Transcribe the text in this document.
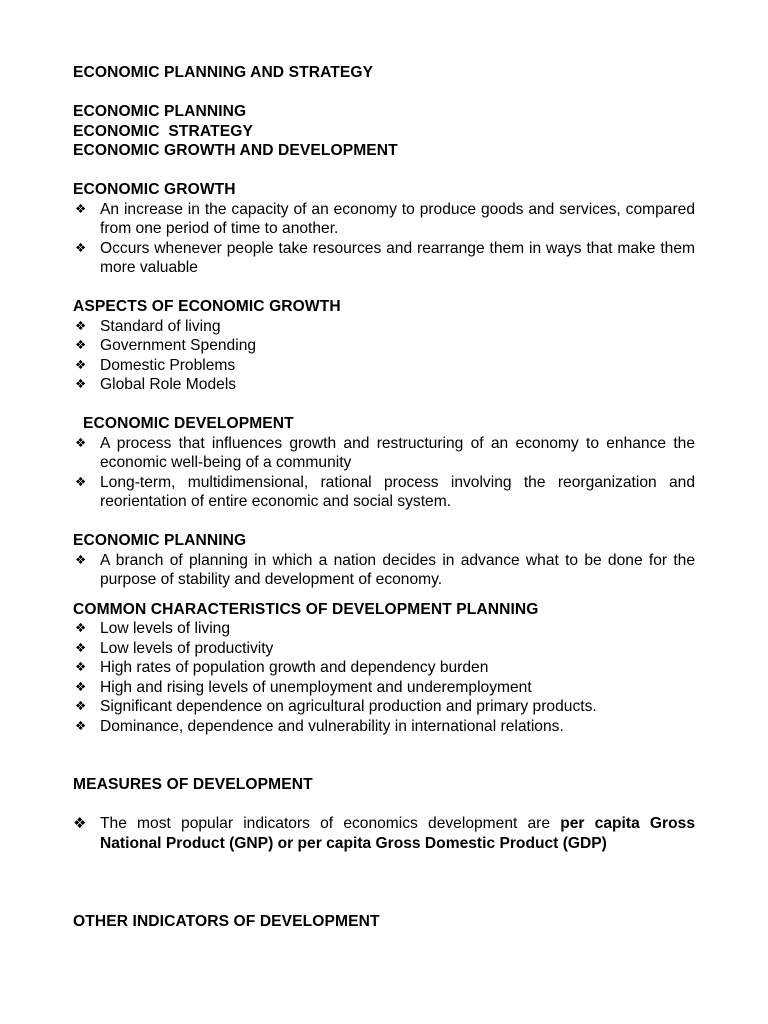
ECONOMIC PLANNING AND STRATEGY

ECONOMIC PLANNING

ECONOMIC  STRATEGY

ECONOMIC GROWTH AND DEVELOPMENT

ECONOMIC GROWTH

❖ An increase in the capacity of an economy to produce goods and services, compared from one period of time to another.
❖ Occurs whenever people take resources and rearrange them in ways that make them more valuable

ASPECTS OF ECONOMIC GROWTH

❖ Standard of living
❖ Government Spending
❖ Domestic Problems
❖ Global Role Models

ECONOMIC DEVELOPMENT

❖ A process that influences growth and restructuring of an economy to enhance the economic well-being of a community
❖ Long-term, multidimensional, rational process involving the reorganization and reorientation of entire economic and social system.

ECONOMIC PLANNING

❖ A branch of planning in which a nation decides in advance what to be done for the purpose of stability and development of economy.

COMMON CHARACTERISTICS OF DEVELOPMENT PLANNING

❖ Low levels of living
❖ Low levels of productivity
❖ High rates of population growth and dependency burden
❖ High and rising levels of unemployment and underemployment
❖ Significant dependence on agricultural production and primary products.
❖ Dominance, dependence and vulnerability in international relations.

MEASURES OF DEVELOPMENT

❖ The most popular indicators of economics development are per capita Gross National Product (GNP) or per capita Gross Domestic Product (GDP)

OTHER INDICATORS OF DEVELOPMENT
